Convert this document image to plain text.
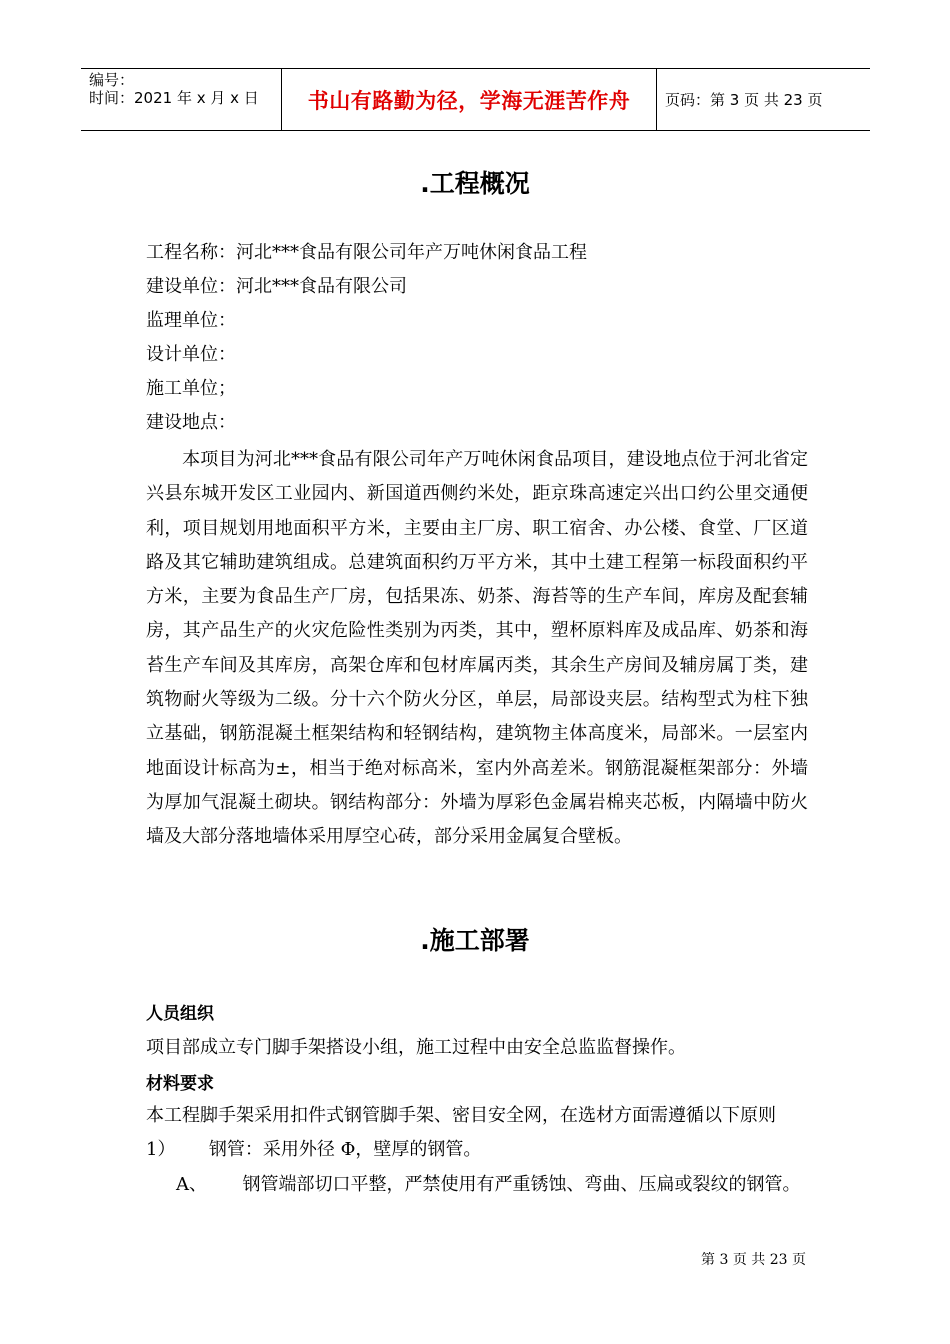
编号：
时间：2021 年 x 月 x 日 书山有路勤为径，学海无涯苦作舟 页码：第 3 页 共 23 页
.工程概况
工程名称：河北***食品有限公司年产万吨休闲食品工程
建设单位：河北***食品有限公司
监理单位：
设计单位：
施工单位；
建设地点：
本项目为河北***食品有限公司年产万吨休闲食品项目，建设地点位于河北省定兴县东城开发区工业园内、新国道西侧约米处，距京珠高速定兴出口约公里交通便利，项目规划用地面积平方米，主要由主厂房、职工宿舍、办公楼、食堂、厂区道路及其它辅助建筑组成。总建筑面积约万平方米，其中土建工程第一标段面积约平方米，主要为食品生产厂房，包括果冻、奶茶、海苔等的生产车间，库房及配套辅房，其产品生产的火灾危险性类别为丙类，其中，塑杯原料库及成品库、奶茶和海苔生产车间及其库房，高架仓库和包材库属丙类，其余生产房间及辅房属丁类，建筑物耐火等级为二级。分十六个防火分区，单层，局部设夹层。结构型式为柱下独立基础，钢筋混凝土框架结构和轻钢结构，建筑物主体高度米，局部米。一层室内地面设计标高为±，相当于绝对标高米，室内外高差米。钢筋混凝框架部分：外墙为厚加气混凝土砌块。钢结构部分：外墙为厚彩色金属岩棉夹芯板，内隔墙中防火墙及大部分落地墙体采用厚空心砖，部分采用金属复合壁板。
.施工部署
人员组织
项目部成立专门脚手架搭设小组，施工过程中由安全总监监督操作。
材料要求
本工程脚手架采用扣件式钢管脚手架、密目安全网，在选材方面需遵循以下原则
1） 钢管：采用外径 Φ，壁厚的钢管。
A、 钢管端部切口平整，严禁使用有严重锈蚀、弯曲、压扁或裂纹的钢管。
第 3 页 共 23 页
